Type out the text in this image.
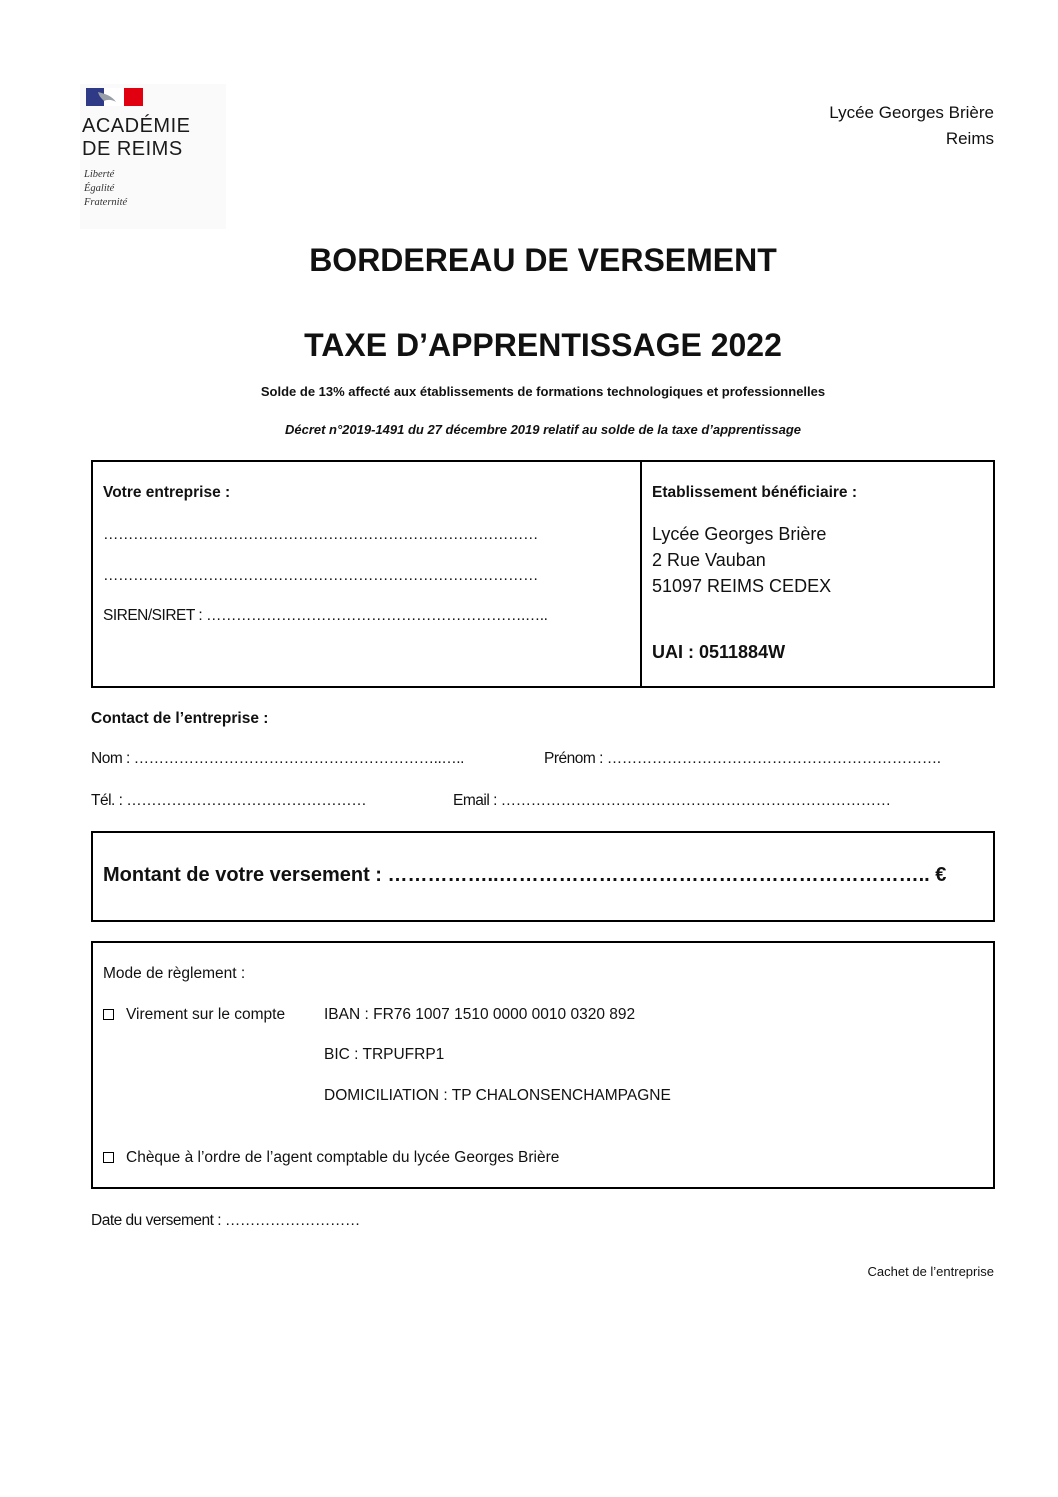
ACADÉMIE
DE REIMS
Liberté
Égalité
Fraternité
Lycée Georges Brière
Reims
BORDEREAU DE VERSEMENT
TAXE D’APPRENTISSAGE 2022
Solde de 13% affecté aux établissements de formations technologiques et professionnelles
Décret n°2019-1491 du 27 décembre 2019 relatif au solde de la taxe d’apprentissage
Votre entreprise :
……………………………………………………………………………
……………………………………………………………………………
SIREN/SIRET : ……………………………………………………….…..
Etablissement bénéficiaire :
Lycée Georges Brière
2 Rue Vauban
51097 REIMS CEDEX
UAI : 0511884W
Contact de l’entreprise :
Nom : ……………………………………………………..…..	Prénom : ………………………………………………………….
Tél. : …………………………………………	Email : ……………………………………………………………………
Montant de votre versement : ……………..……………………………………………………….. €
Mode de règlement :
Virement sur le compte	IBAN : FR76 1007 1510 0000 0010 0320 892
BIC : TRPUFRP1
DOMICILIATION : TP CHALONSENCHAMPAGNE
Chèque à l’ordre de l’agent comptable du lycée Georges Brière
Date du versement : ………………………
Cachet de l’entreprise
